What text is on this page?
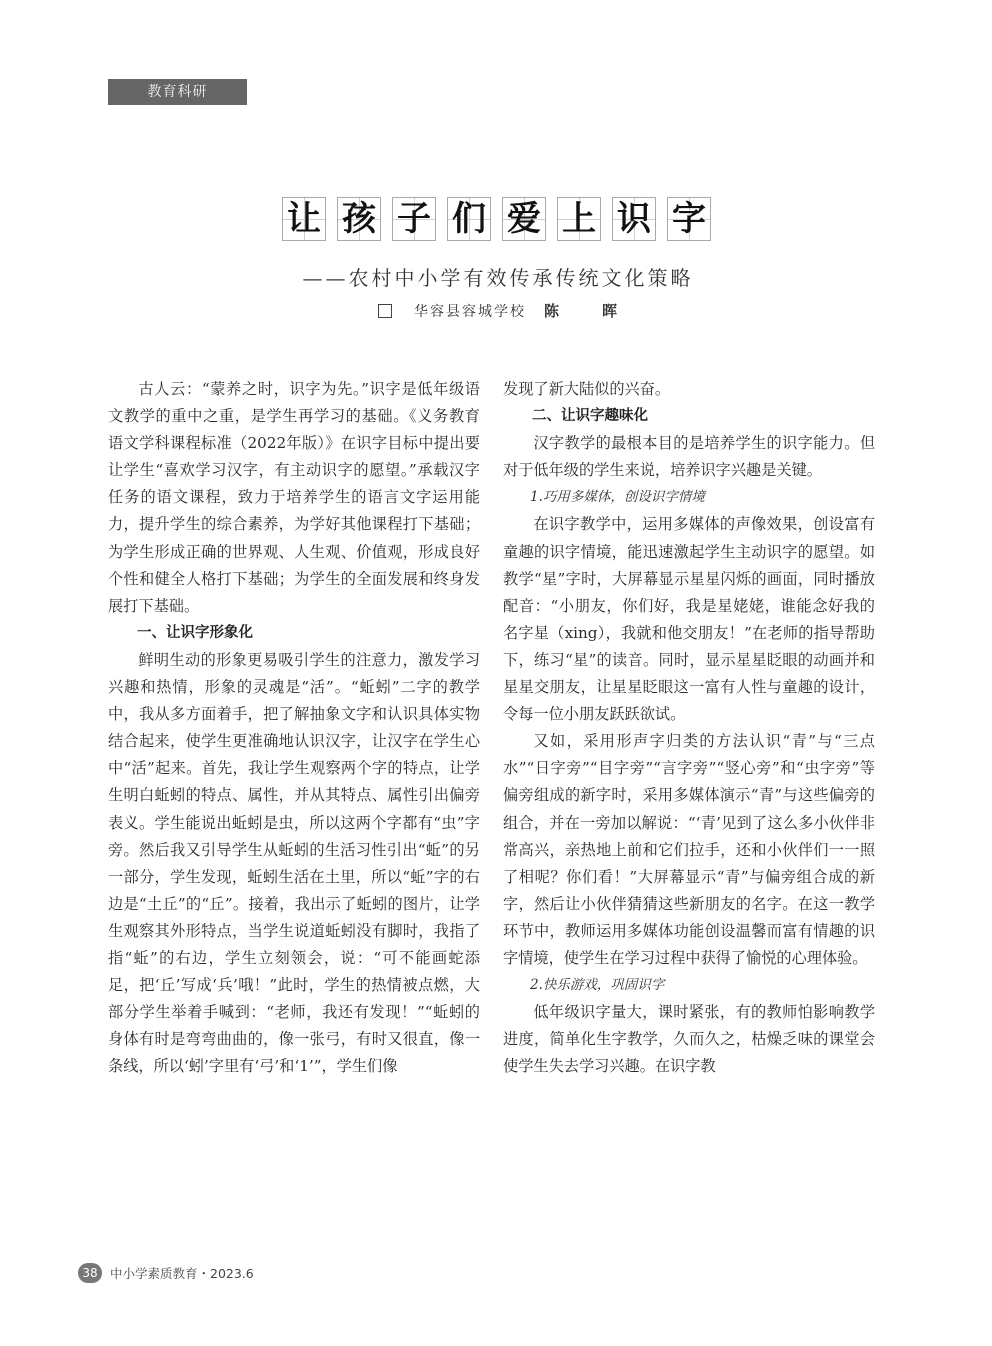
教育科研
让 孩 子 们 爱 上 识 字
——农村中小学有效传承传统文化策略
华容县容城学校 陈　晖

古人云：“蒙养之时，识字为先。”识字是低年级语文教学的重中之重，是学生再学习的基础。《义务教育语文学科课程标准（2022年版）》在识字目标中提出要让学生“喜欢学习汉字，有主动识字的愿望。”承载汉字任务的语文课程，致力于培养学生的语言文字运用能力，提升学生的综合素养，为学好其他课程打下基础；为学生形成正确的世界观、人生观、价值观，形成良好个性和健全人格打下基础；为学生的全面发展和终身发展打下基础。

一、让识字形象化

鲜明生动的形象更易吸引学生的注意力，激发学习兴趣和热情，形象的灵魂是“活”。“蚯蚓”二字的教学中，我从多方面着手，把了解抽象文字和认识具体实物结合起来，使学生更准确地认识汉字，让汉字在学生心中“活”起来。首先，我让学生观察两个字的特点，让学生明白蚯蚓的特点、属性，并从其特点、属性引出偏旁表义。学生能说出蚯蚓是虫，所以这两个字都有“虫”字旁。然后我又引导学生从蚯蚓的生活习性引出“蚯”的另一部分，学生发现，蚯蚓生活在土里，所以“蚯”字的右边是“土丘”的“丘”。接着，我出示了蚯蚓的图片，让学生观察其外形特点，当学生说道蚯蚓没有脚时，我指了指“蚯”的右边，学生立刻领会，说：“可不能画蛇添足，把‘丘’写成‘兵’哦！”此时，学生的热情被点燃，大部分学生举着手喊到：“老师，我还有发现！”“蚯蚓的身体有时是弯弯曲曲的，像一张弓，有时又很直，像一条线，所以‘蚓’字里有‘弓’和‘1’”，学生们像

发现了新大陆似的兴奋。

二、让识字趣味化

汉字教学的最根本目的是培养学生的识字能力。但对于低年级的学生来说，培养识字兴趣是关键。

1.巧用多媒体，创设识字情境

在识字教学中，运用多媒体的声像效果，创设富有童趣的识字情境，能迅速激起学生主动识字的愿望。如教学“星”字时，大屏幕显示星星闪烁的画面，同时播放配音：“小朋友，你们好，我是星姥姥，谁能念好我的名字星（xing），我就和他交朋友！”在老师的指导帮助下，练习“星”的读音。同时，显示星星眨眼的动画并和星星交朋友，让星星眨眼这一富有人性与童趣的设计，令每一位小朋友跃跃欲试。

又如，采用形声字归类的方法认识“青”与“三点水”“日字旁”“目字旁”“言字旁”“竖心旁”和“虫字旁”等偏旁组成的新字时，采用多媒体演示“青”与这些偏旁的组合，并在一旁加以解说：“‘青’见到了这么多小伙伴非常高兴，亲热地上前和它们拉手，还和小伙伴们一一照了相呢？你们看！”大屏幕显示“青”与偏旁组合成的新字，然后让小伙伴猜猜这些新朋友的名字。在这一教学环节中，教师运用多媒体功能创设温馨而富有情趣的识字情境，使学生在学习过程中获得了愉悦的心理体验。

2.快乐游戏，巩固识字

低年级识字量大，课时紧张，有的教师怕影响教学进度，简单化生字教学，久而久之，枯燥乏味的课堂会使学生失去学习兴趣。在识字教

38 中小学素质教育・2023.6
